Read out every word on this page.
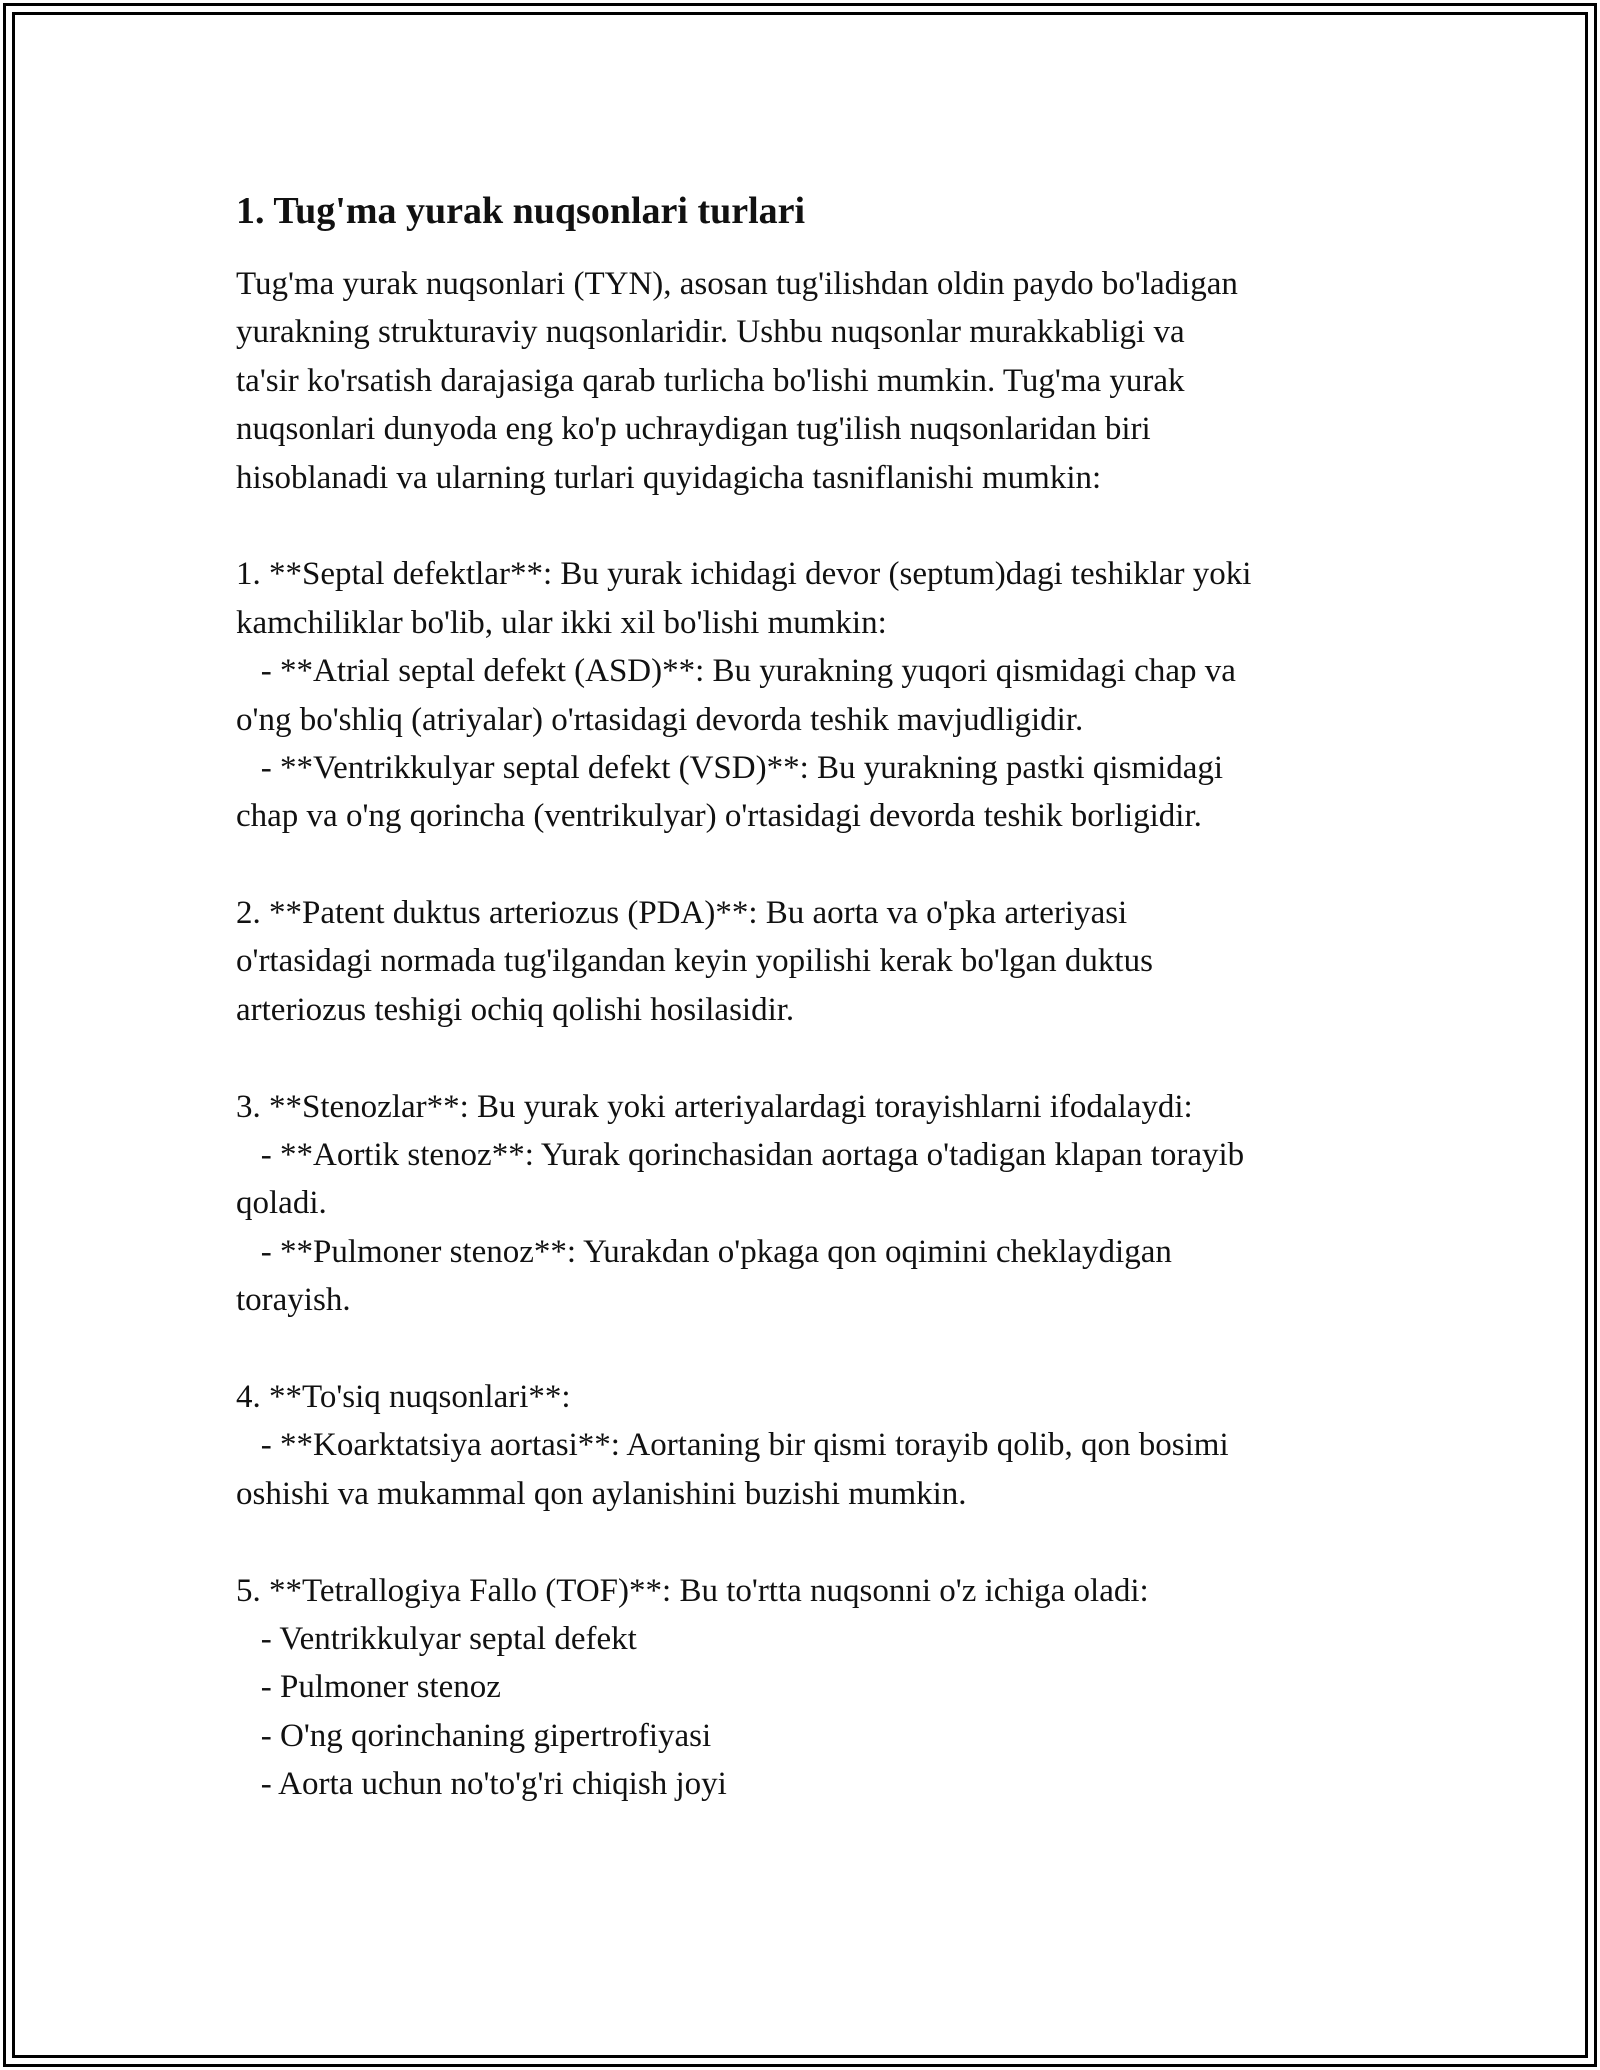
1. Tug'ma yurak nuqsonlari turlari

Tug'ma yurak nuqsonlari (TYN), asosan tug'ilishdan oldin paydo bo'ladigan

yurakning strukturaviy nuqsonlaridir. Ushbu nuqsonlar murakkabligi va

ta'sir ko'rsatish darajasiga qarab turlicha bo'lishi mumkin. Tug'ma yurak

nuqsonlari dunyoda eng ko'p uchraydigan tug'ilish nuqsonlaridan biri

hisoblanadi va ularning turlari quyidagicha tasniflanishi mumkin:

1. **Septal defektlar**: Bu yurak ichidagi devor (septum)dagi teshiklar yoki

kamchiliklar bo'lib, ular ikki xil bo'lishi mumkin:

- **Atrial septal defekt (ASD)**: Bu yurakning yuqori qismidagi chap va

o'ng bo'shliq (atriyalar) o'rtasidagi devorda teshik mavjudligidir.

- **Ventrikkulyar septal defekt (VSD)**: Bu yurakning pastki qismidagi

chap va o'ng qorincha (ventrikulyar) o'rtasidagi devorda teshik borligidir.

2. **Patent duktus arteriozus (PDA)**: Bu aorta va o'pka arteriyasi

o'rtasidagi normada tug'ilgandan keyin yopilishi kerak bo'lgan duktus

arteriozus teshigi ochiq qolishi hosilasidir.

3. **Stenozlar**: Bu yurak yoki arteriyalardagi torayishlarni ifodalaydi:

- **Aortik stenoz**: Yurak qorinchasidan aortaga o'tadigan klapan torayib

qoladi.

- **Pulmoner stenoz**: Yurakdan o'pkaga qon oqimini cheklaydigan

torayish.

4. **To'siq nuqsonlari**:

- **Koarktatsiya aortasi**: Aortaning bir qismi torayib qolib, qon bosimi

oshishi va mukammal qon aylanishini buzishi mumkin.

5. **Tetrallogiya Fallo (TOF)**: Bu to'rtta nuqsonni o'z ichiga oladi:

- Ventrikkulyar septal defekt

- Pulmoner stenoz

- O'ng qorinchaning gipertrofiyasi

- Aorta uchun no'to'g'ri chiqish joyi
